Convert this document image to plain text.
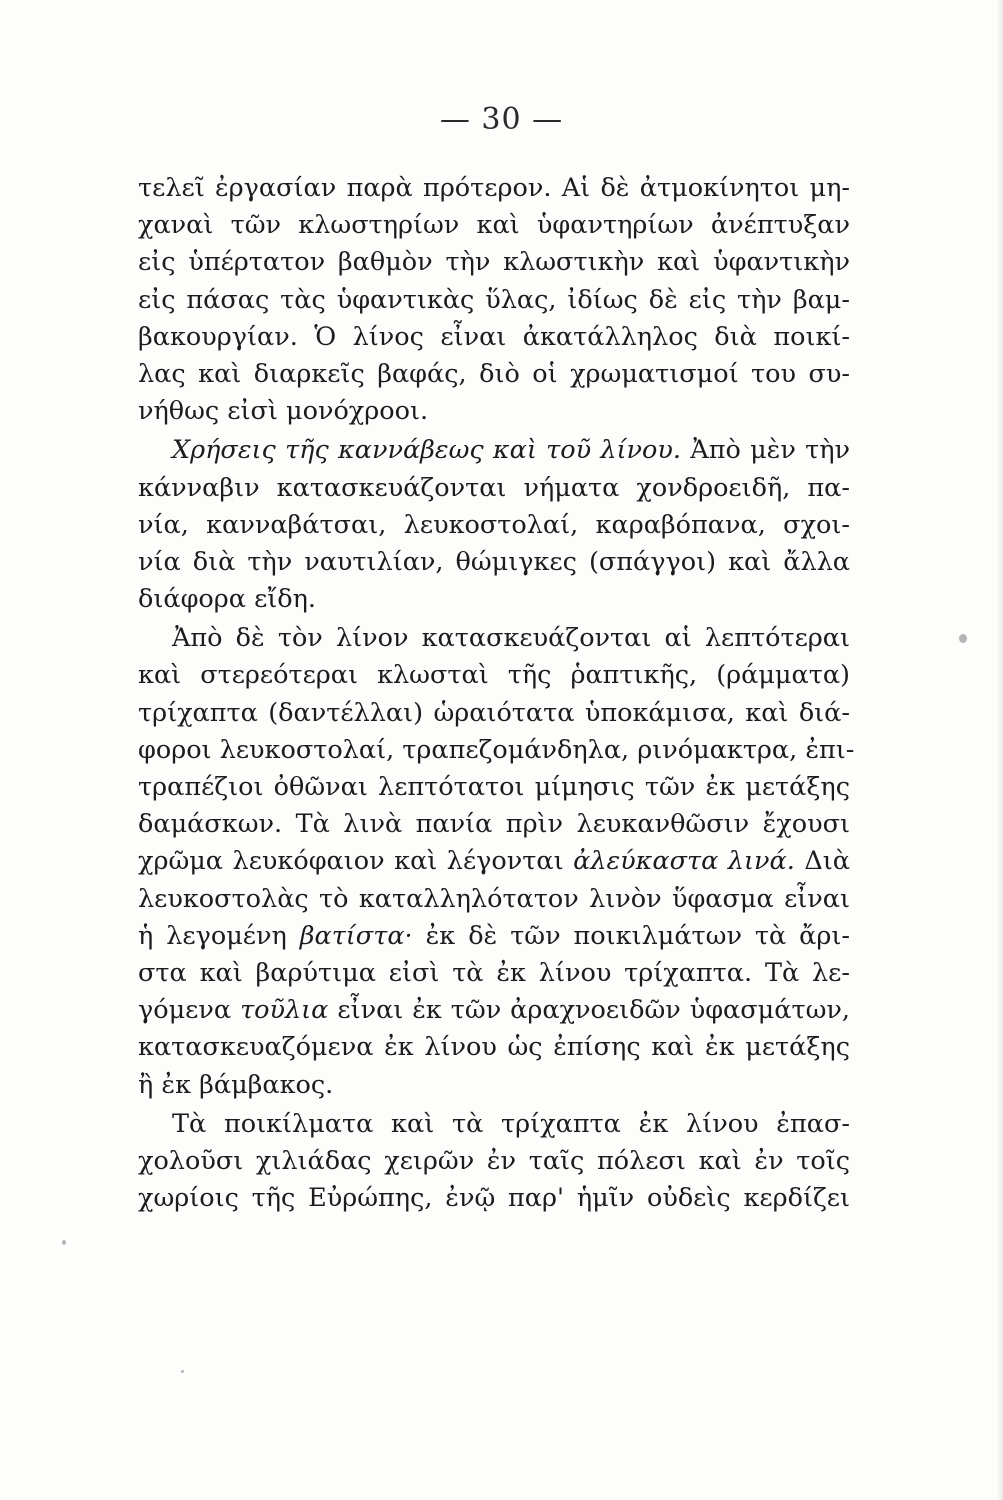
— 30 —
τελεῖ ἐργασίαν παρὰ πρότερον. Αἱ δὲ ἀτμοκίνητοι μη-
χαναὶ τῶν κλωστηρίων καὶ ὑφαντηρίων ἀνέπτυξαν
εἰς ὑπέρτατον βαθμὸν τὴν κλωστικὴν καὶ ὑφαντικὴν
εἰς πάσας τὰς ὑφαντικὰς ὕλας, ἰδίως δὲ εἰς τὴν βαμ-
βακουργίαν. Ὁ λίνος εἶναι ἀκατάλληλος διὰ ποικί-
λας καὶ διαρκεῖς βαφάς, διὸ οἱ χρωματισμοί του συ-
νήθως εἰσὶ μονόχροοι.
Χρήσεις τῆς καννάβεως καὶ τοῦ λίνου. Ἀπὸ μὲν τὴν
κάνναβιν κατασκευάζονται νήματα χονδροειδῆ, πα-
νία, κανναβάτσαι, λευκοστολαί, καραβόπανα, σχοι-
νία διὰ τὴν ναυτιλίαν, θώμιγκες (σπάγγοι) καὶ ἄλλα
διάφορα εἴδη.
Ἀπὸ δὲ τὸν λίνον κατασκευάζονται αἱ λεπτότεραι
καὶ στερεότεραι κλωσταὶ τῆς ῥαπτικῆς, (ράμματα)
τρίχαπτα (δαντέλλαι) ὡραιότατα ὑποκάμισα, καὶ διά-
φοροι λευκοστολαί, τραπεζομάνδηλα, ρινόμακτρα, ἐπι-
τραπέζιοι ὀθῶναι λεπτότατοι μίμησις τῶν ἐκ μετάξης
δαμάσκων. Τὰ λινὰ πανία πρὶν λευκανθῶσιν ἔχουσι
χρῶμα λευκόφαιον καὶ λέγονται ἀλεύκαστα λινά. Διὰ
λευκοστολὰς τὸ καταλληλότατον λινὸν ὕφασμα εἶναι
ἡ λεγομένη βατίστα· ἐκ δὲ τῶν ποικιλμάτων τὰ ἄρι-
στα καὶ βαρύτιμα εἰσὶ τὰ ἐκ λίνου τρίχαπτα. Τὰ λε-
γόμενα τοῦλια εἶναι ἐκ τῶν ἀραχνοειδῶν ὑφασμάτων,
κατασκευαζόμενα ἐκ λίνου ὡς ἐπίσης καὶ ἐκ μετάξης
ἢ ἐκ βάμβακος.
Τὰ ποικίλματα καὶ τὰ τρίχαπτα ἐκ λίνου ἐπασ-
χολοῦσι χιλιάδας χειρῶν ἐν ταῖς πόλεσι καὶ ἐν τοῖς
χωρίοις τῆς Εὐρώπης, ἐνῷ παρ' ἡμῖν οὐδεὶς κερδίζει
